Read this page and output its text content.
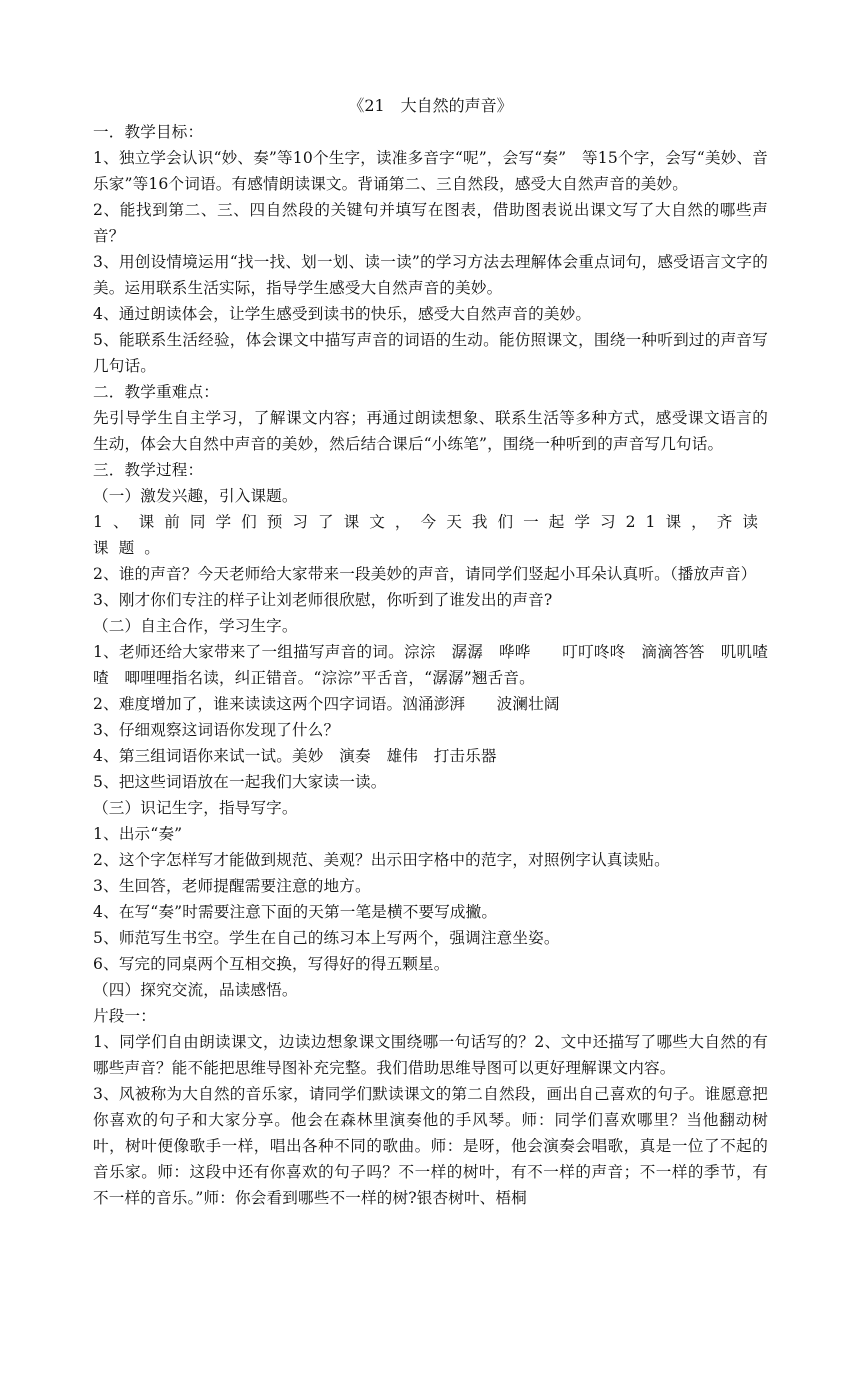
《21　大自然的声音》

一．教学目标：

1、独立学会认识“妙、奏”等10个生字，读准多音字“呢”，会写“奏”　等15个字，会写“美妙、音乐家”等16个词语。有感情朗读课文。背诵第二、三自然段，感受大自然声音的美妙。

2、能找到第二、三、四自然段的关键句并填写在图表，借助图表说出课文写了大自然的哪些声音？

3、用创设情境运用“找一找、划一划、读一读”的学习方法去理解体会重点词句，感受语言文字的美。运用联系生活实际，指导学生感受大自然声音的美妙。

4、通过朗读体会，让学生感受到读书的快乐，感受大自然声音的美妙。

5、能联系生活经验，体会课文中描写声音的词语的生动。能仿照课文，围绕一种听到过的声音写几句话。

二．教学重难点：

先引导学生自主学习，了解课文内容；再通过朗读想象、联系生活等多种方式，感受课文语言的生动，体会大自然中声音的美妙，然后结合课后“小练笔”，围绕一种听到的声音写几句话。

三．教学过程：

（一）激发兴趣，引入课题。

1、课前同学们预习了课文，今天我们一起学习21课，齐读课题。

2、谁的声音？今天老师给大家带来一段美妙的声音，请同学们竖起小耳朵认真听。（播放声音）

3、刚才你们专注的样子让刘老师很欣慰，你听到了谁发出的声音?

（二）自主合作，学习生字。

1、老师还给大家带来了一组描写声音的词。淙淙　潺潺　哗哗　　叮叮咚咚　滴滴答答　叽叽喳喳　唧哩哩指名读，纠正错音。“淙淙”平舌音，“潺潺”翘舌音。

2、难度增加了，谁来读读这两个四字词语。汹涌澎湃　　波澜壮阔

3、仔细观察这词语你发现了什么？

4、第三组词语你来试一试。美妙　演奏　雄伟　打击乐器

5、把这些词语放在一起我们大家读一读。

（三）识记生字，指导写字。

1、出示“奏”

2、这个字怎样写才能做到规范、美观？出示田字格中的范字，对照例字认真读贴。

3、生回答，老师提醒需要注意的地方。

4、在写“奏”时需要注意下面的天第一笔是横不要写成撇。

5、师范写生书空。学生在自己的练习本上写两个，强调注意坐姿。

6、写完的同桌两个互相交换，写得好的得五颗星。

（四）探究交流，品读感悟。

片段一：

1、同学们自由朗读课文，边读边想象课文围绕哪一句话写的？2、文中还描写了哪些大自然的有哪些声音？能不能把思维导图补充完整。我们借助思维导图可以更好理解课文内容。

3、风被称为大自然的音乐家，请同学们默读课文的第二自然段，画出自己喜欢的句子。谁愿意把你喜欢的句子和大家分享。他会在森林里演奏他的手风琴。师：同学们喜欢哪里？当他翻动树叶，树叶便像歌手一样，唱出各种不同的歌曲。师：是呀，他会演奏会唱歌，真是一位了不起的音乐家。师：这段中还有你喜欢的句子吗？不一样的树叶，有不一样的声音；不一样的季节，有不一样的音乐。”师：你会看到哪些不一样的树?银杏树叶、梧桐
